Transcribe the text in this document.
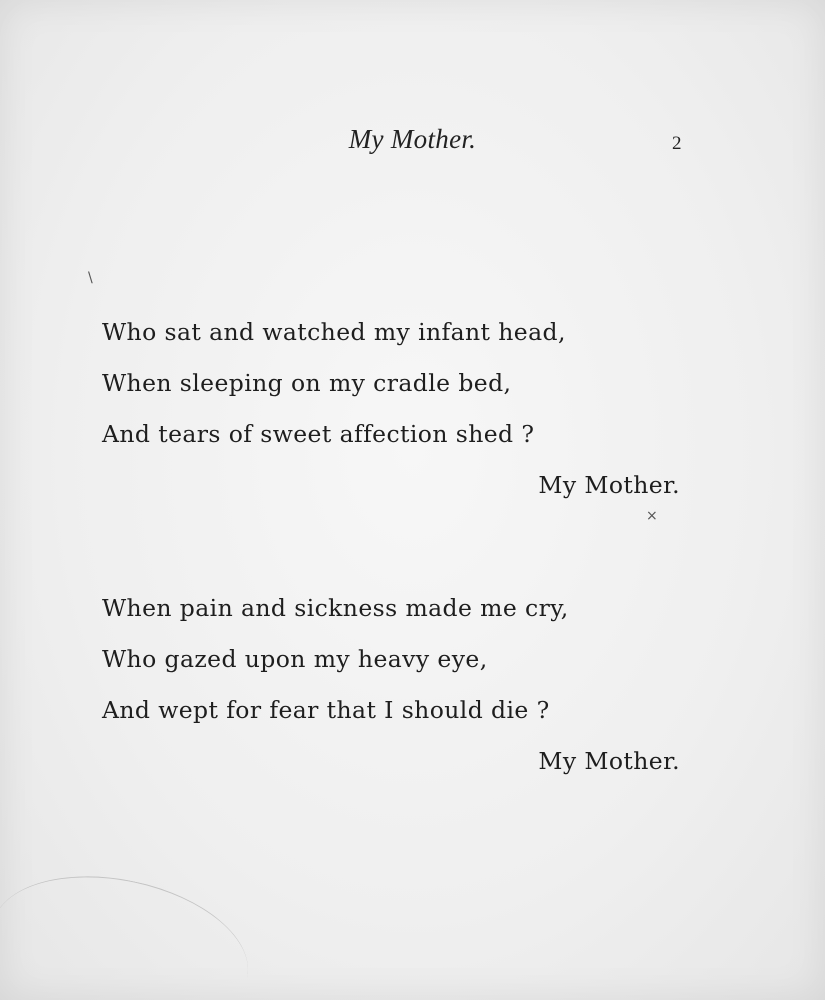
My Mother.	2
\
×
Who sat and watched my infant head,
When sleeping on my cradle bed,
And tears of sweet affection shed ?
My Mother.
When pain and sickness made me cry,
Who gazed upon my heavy eye,
And wept for fear that I should die ?
My Mother.
